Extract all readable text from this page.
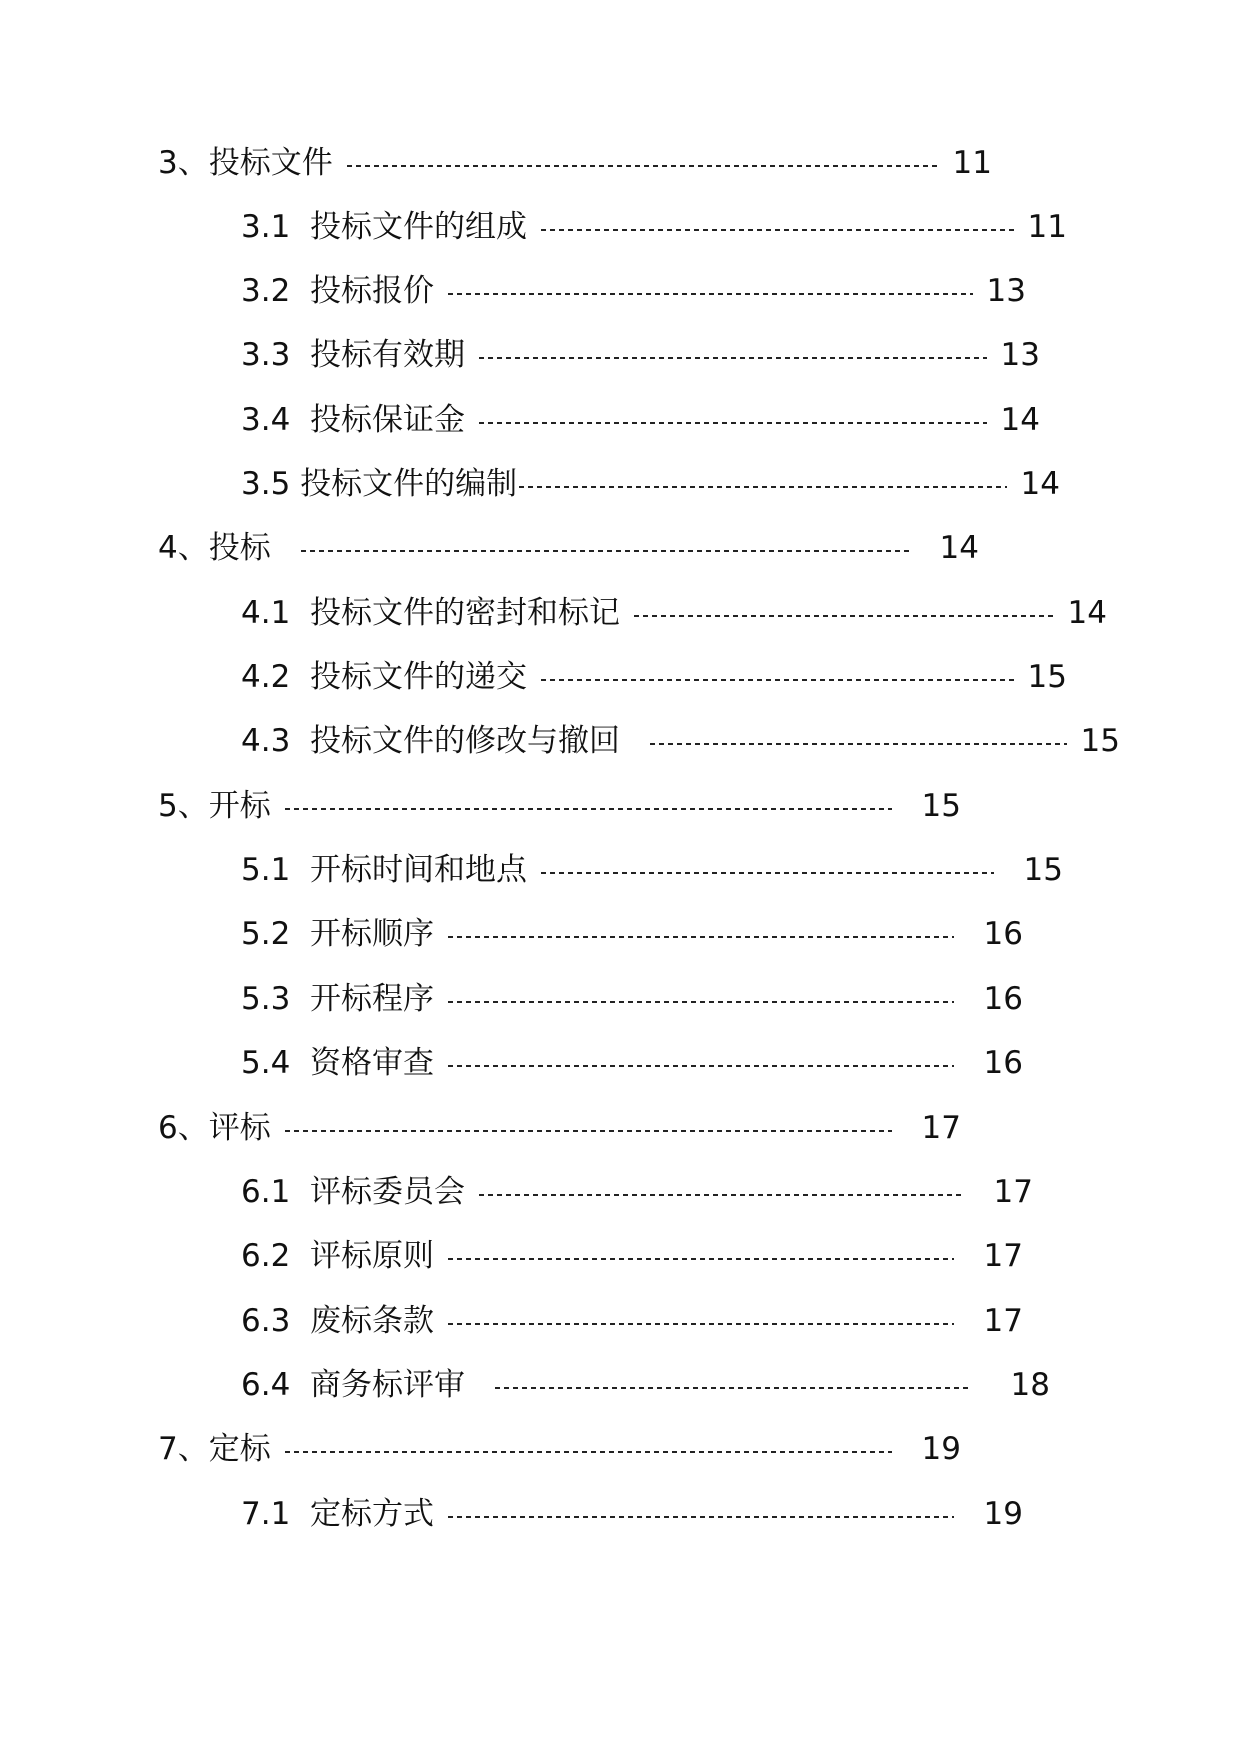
3、投标文件	11
3.1  投标文件的组成	11
3.2  投标报价	13
3.3  投标有效期	13
3.4  投标保证金	14
3.5 投标文件的编制	14
4、投标	14
4.1  投标文件的密封和标记	14
4.2  投标文件的递交	15
4.3  投标文件的修改与撤回	15
5、开标	15
5.1  开标时间和地点	15
5.2  开标顺序	16
5.3  开标程序	16
5.4  资格审查	16
6、评标	17
6.1  评标委员会	17
6.2  评标原则	17
6.3  废标条款	17
6.4  商务标评审	18
7、定标	19
7.1  定标方式	19
